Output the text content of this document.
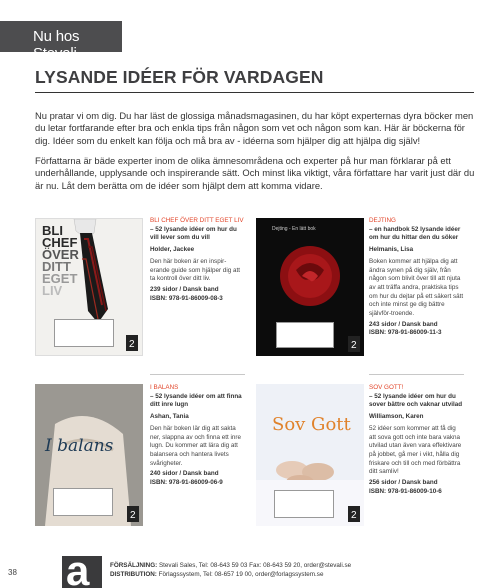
Nu hos Stevali
LYSANDE IDÉER FÖR VARDAGEN

Nu pratar vi om dig. Du har läst de glossiga månadsmagasinen, du har köpt experternas dyra böcker men du letar fortfarande efter bra och enkla tips från någon som vet och någon som kan. Här är böckerna för dig. Idéer som du enkelt kan följa och må bra av - idéerna som hjälper dig att hjälpa dig själv!

Författarna är bäde experter inom de olika ämnesområdena och experter på hur man förklarar på ett underhållande, upplysande och inspirerande sätt. Och minst lika viktigt, våra författare har varit just där du är nu. Låt dem berätta om de idéer som hjälpt dem att komma vidare.

BLI
CHEF
ÖVER
DITT
EGET
LIV
2
BLI CHEF ÖVER DITT EGET LIV
– 52 lysande idéer om hur du vill lever som du vill
Holder, Jackee
Den här boken är en inspir-erande guide som hjälper dig att ta kontroll över ditt liv.
239 sidor / Dansk band
ISBN: 978-91-86009-08-3
Dejting - En lätt bok
2
DEJTING
– en handbok 52 lysande idéer om hur du hittar den du söker
Helmanis, Lisa
Boken kommer att hjälpa dig att ändra synen på dig själv, från någon som blivit över till att njuta av att träffa andra, praktiska tips om hur du dejtar på ett säkert sätt och inte minst ge dig bättre självför-troende.
243 sidor / Dansk band
ISBN: 978-91-86009-11-3
I balans
2
I BALANS
– 52 lysande idéer om att finna ditt inre lugn
Ashan, Tania
Den här boken lär dig att sakta ner, slappna av och finna ett inre lugn. Du kommer att lära dig att balansera och hantera livets svårigheter.
240 sidor / Dansk band
ISBN: 978-91-86009-06-9
Sov Gott
2
SOV GOTT!
– 52 lysande idéer om hur du sover bättre och vaknar utvilad
Williamson, Karen
52 idéer som kommer att få dig att sova gott och inte bara vakna utvilad utan även vara effektivare på jobbet, gå mer i vikt, hålla dig friskare och till och med förbättra ditt samliv!
256 sidor / Dansk band
ISBN: 978-91-86009-10-6
38 a	FÖRSÄLJNING: Stevali Sales, Tel: 08-643 59 03 Fax: 08-643 59 20, order@stevali.se
DISTRIBUTION: Förlagssystem, Tel: 08-657 19 00, order@forlagssystem.se
